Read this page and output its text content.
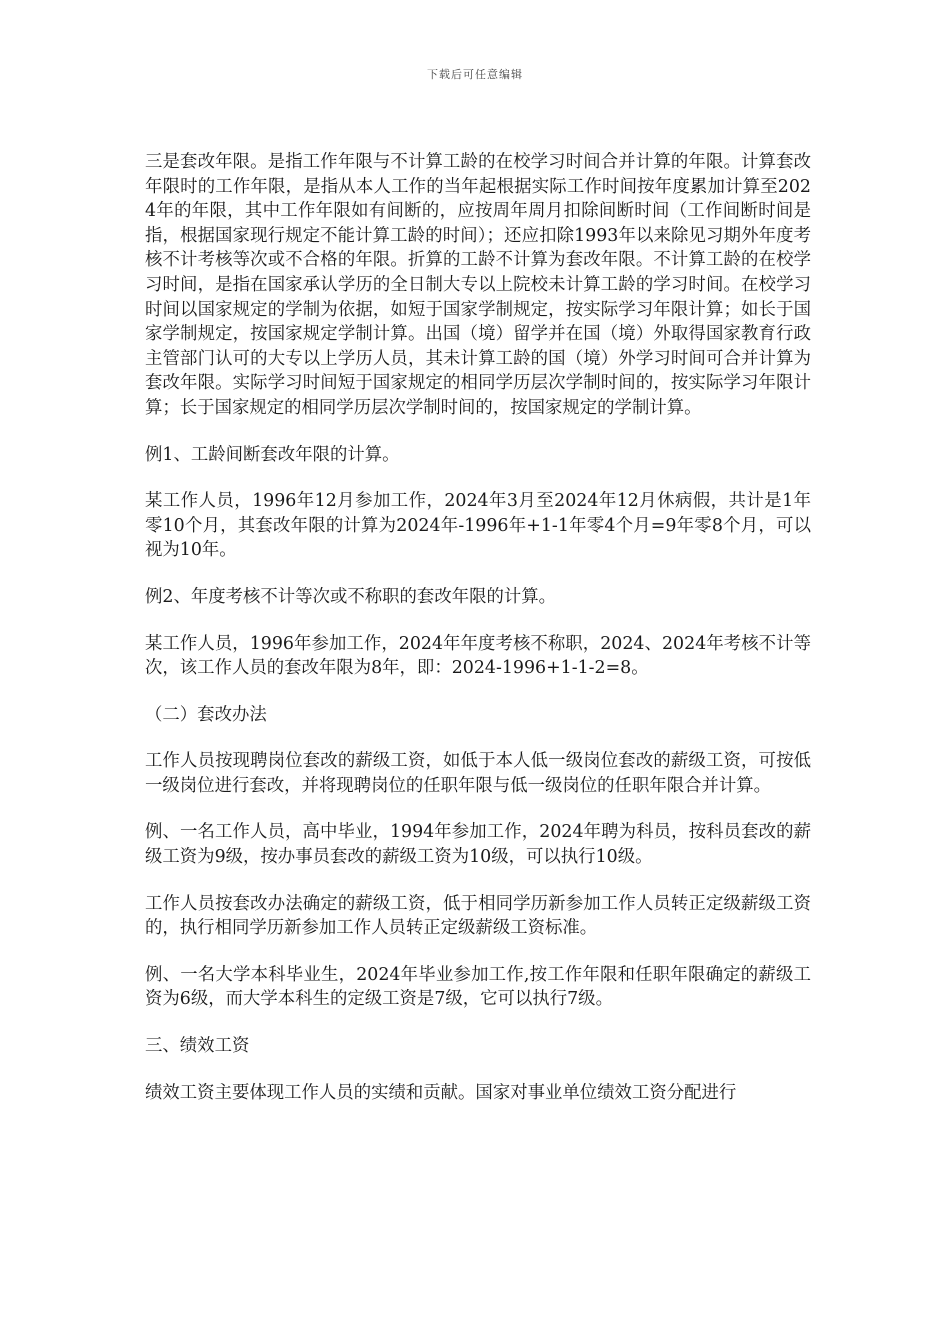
下载后可任意编辑

三是套改年限。是指工作年限与不计算工龄的在校学习时间合并计算的年限。计算套改年限时的工作年限，是指从本人工作的当年起根据实际工作时间按年度累加计算至2024年的年限，其中工作年限如有间断的，应按周年周月扣除间断时间（工作间断时间是指，根据国家现行规定不能计算工龄的时间）；还应扣除1993年以来除见习期外年度考核不计考核等次或不合格的年限。折算的工龄不计算为套改年限。不计算工龄的在校学习时间，是指在国家承认学历的全日制大专以上院校未计算工龄的学习时间。在校学习时间以国家规定的学制为依据，如短于国家学制规定，按实际学习年限计算；如长于国家学制规定，按国家规定学制计算。出国（境）留学并在国（境）外取得国家教育行政主管部门认可的大专以上学历人员，其未计算工龄的国（境）外学习时间可合并计算为套改年限。实际学习时间短于国家规定的相同学历层次学制时间的，按实际学习年限计算；长于国家规定的相同学历层次学制时间的，按国家规定的学制计算。

例1、工龄间断套改年限的计算。

某工作人员，1996年12月参加工作，2024年3月至2024年12月休病假，共计是1年零10个月，其套改年限的计算为2024年-1996年+1-1年零4个月=9年零8个月，可以视为10年。

例2、年度考核不计等次或不称职的套改年限的计算。

某工作人员，1996年参加工作，2024年年度考核不称职，2024、2024年考核不计等次，该工作人员的套改年限为8年，即：2024-1996+1-1-2=8。

（二）套改办法

工作人员按现聘岗位套改的薪级工资，如低于本人低一级岗位套改的薪级工资，可按低一级岗位进行套改，并将现聘岗位的任职年限与低一级岗位的任职年限合并计算。

例、一名工作人员，高中毕业，1994年参加工作，2024年聘为科员，按科员套改的薪级工资为9级，按办事员套改的薪级工资为10级，可以执行10级。

工作人员按套改办法确定的薪级工资，低于相同学历新参加工作人员转正定级薪级工资的，执行相同学历新参加工作人员转正定级薪级工资标准。

例、一名大学本科毕业生，2024年毕业参加工作,按工作年限和任职年限确定的薪级工资为6级，而大学本科生的定级工资是7级，它可以执行7级。

三、绩效工资

绩效工资主要体现工作人员的实绩和贡献。国家对事业单位绩效工资分配进行
